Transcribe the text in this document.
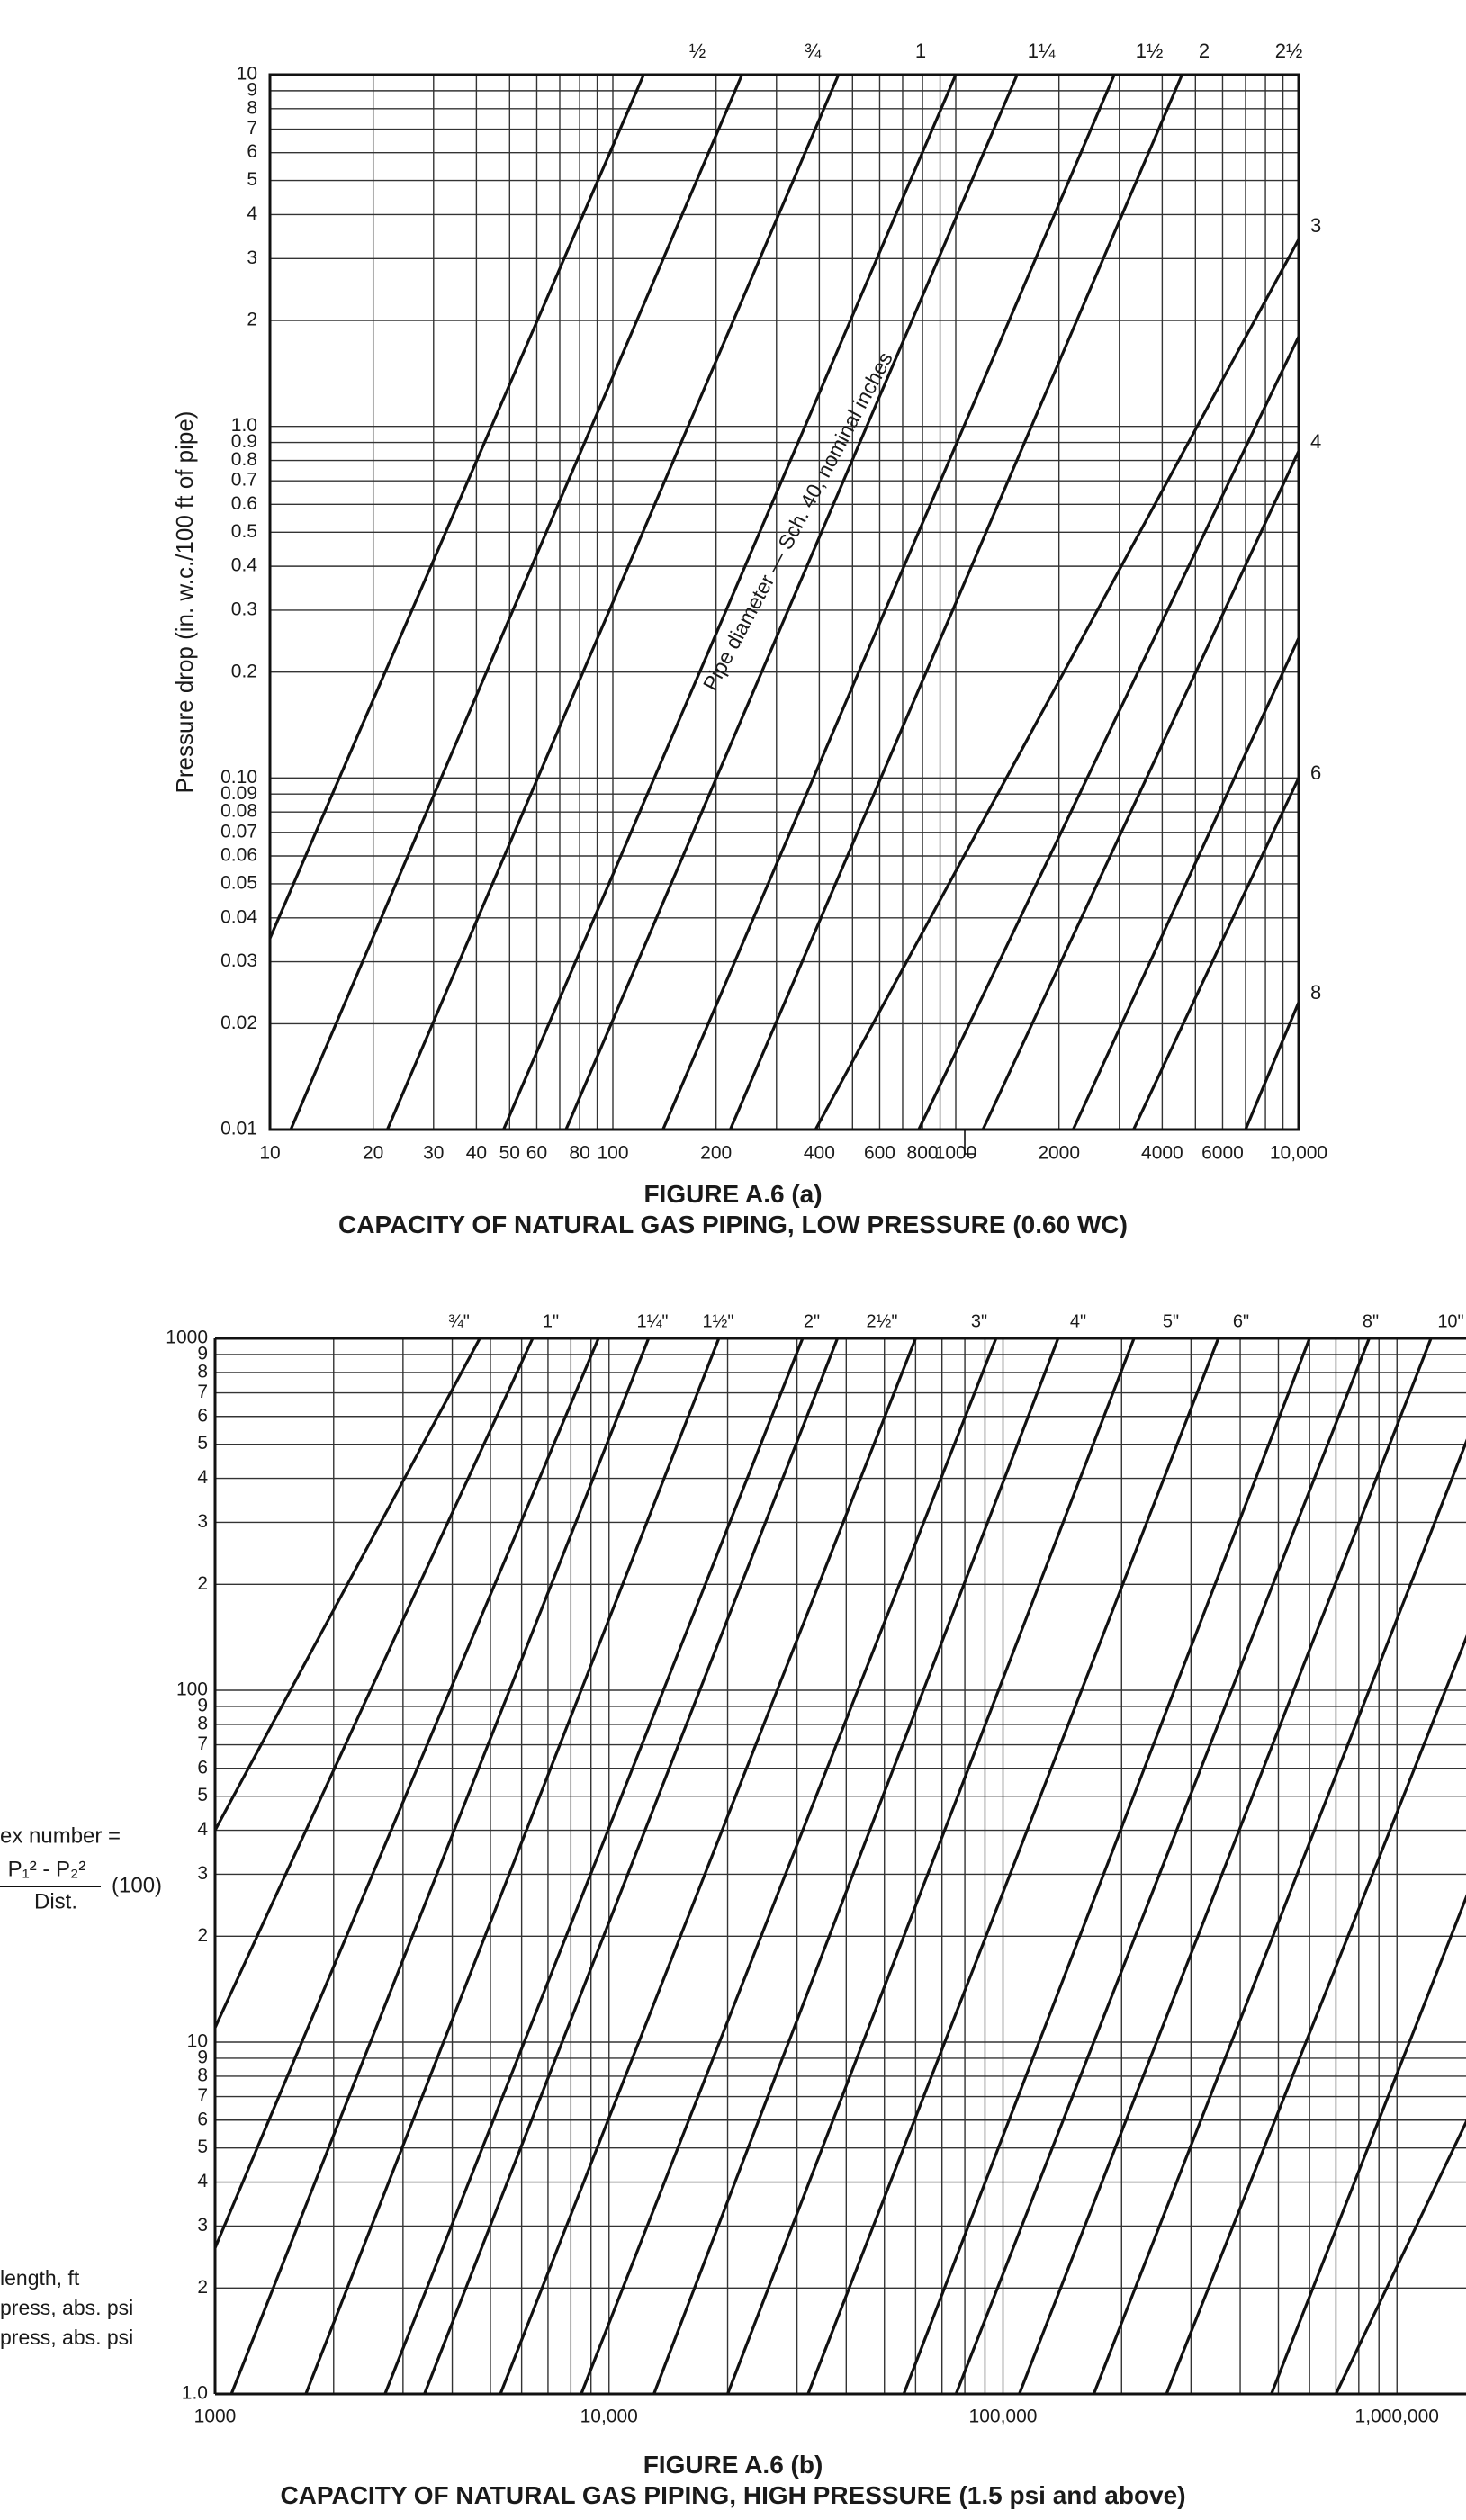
10	20 30 40 50 60 80 100	200	400 600 800
1000	2000	4000 6000 10,000
0.01
0.02
0.03
0.04
0.05
0.06
0.07
0.08
0.09
0.10
0.2
0.3
0.4
0.5
0.6
0.7
0.8
0.9
1.0
2
3
4
5
6
7
8
9
10
½	¾	1	1¼	1½ 2	2½
3
4
6
8
Pressure drop (in. w.c./100 ft of pipe)	Pipe diameter — Sch. 40, nominal inches
1000	10,000	100,000	1,000,000
1.0
2
3
4
5
6
7
8
9
10
2
3
4
5
6
7
8
9
100
2
3
4
5
6
7
8
9
1000
¾"	1"	1¼" 1½"	2"	2½"	3"	4"	5"	6"	8"	10"
ex number =
P₁² - P₂²
Dist.
(100)
length, ft
press, abs. psi
press, abs. psi
FIGURE A.6 (a)
CAPACITY OF NATURAL GAS PIPING, LOW PRESSURE (0.60 WC)
FIGURE A.6 (b)
CAPACITY OF NATURAL GAS PIPING, HIGH PRESSURE (1.5 psi and above)
